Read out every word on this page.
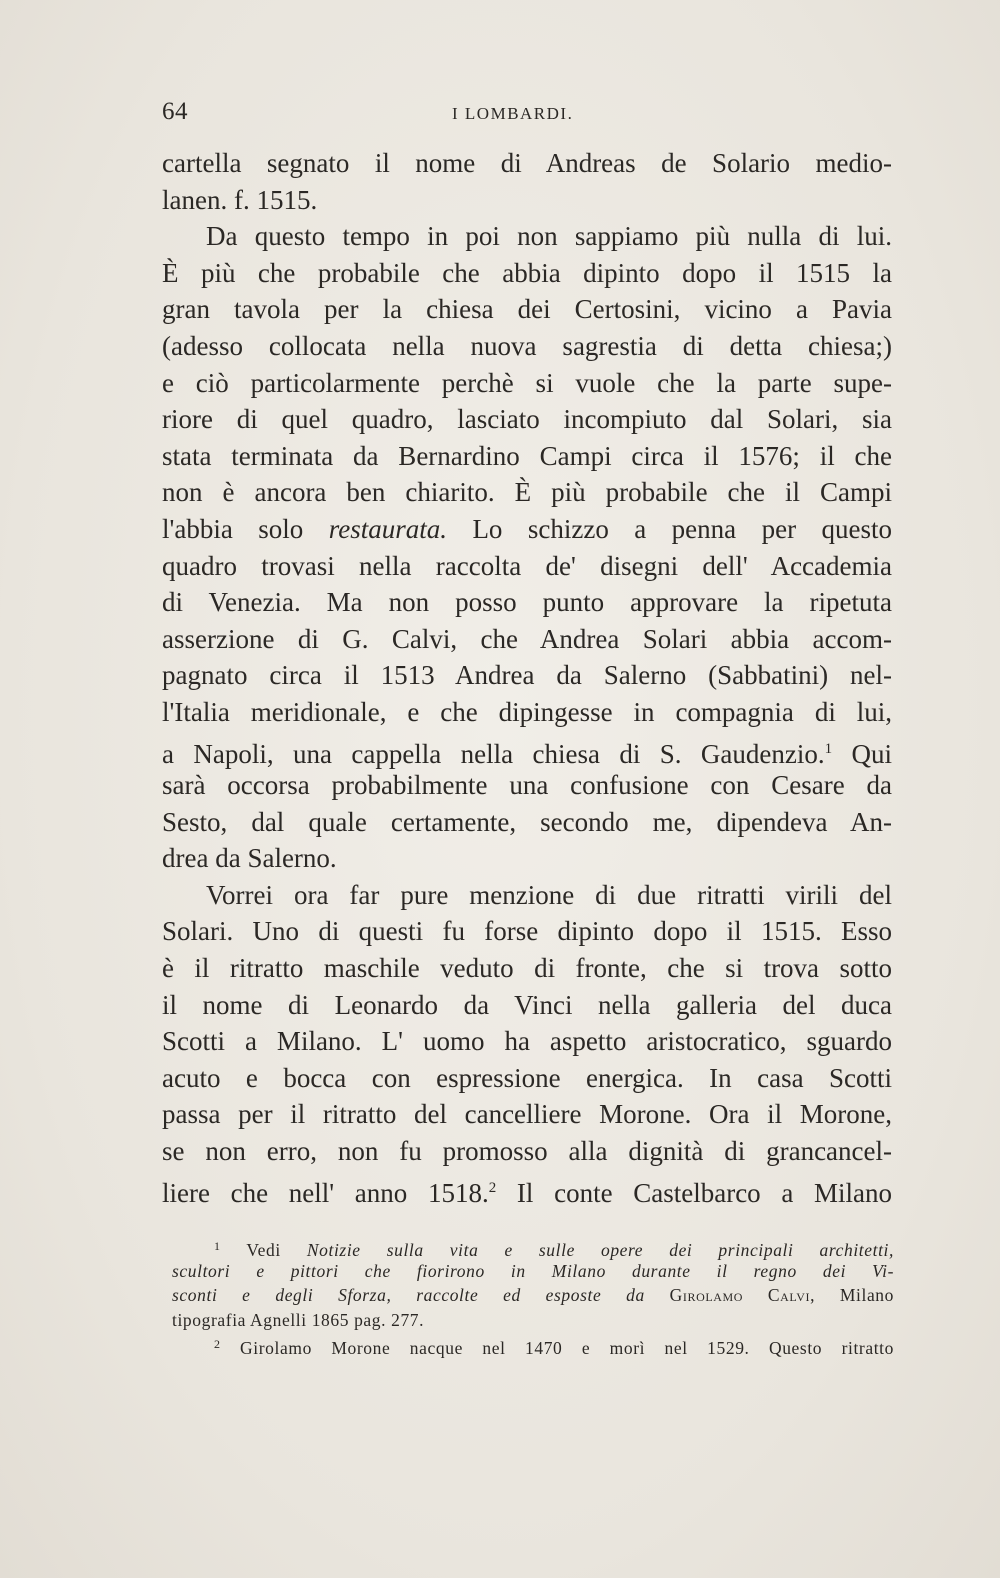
64	I LOMBARDI.
cartella segnato il nome di Andreas de Solario medio-
lanen. f. 1515.
Da questo tempo in poi non sappiamo più nulla di lui.
È più che probabile che abbia dipinto dopo il 1515 la
gran tavola per la chiesa dei Certosini, vicino a Pavia
(adesso collocata nella nuova sagrestia di detta chiesa;)
e ciò particolarmente perchè si vuole che la parte supe-
riore di quel quadro, lasciato incompiuto dal Solari, sia
stata terminata da Bernardino Campi circa il 1576; il che
non è ancora ben chiarito. È più probabile che il Campi
l'abbia solo restaurata. Lo schizzo a penna per questo
quadro trovasi nella raccolta de' disegni dell' Accademia
di Venezia. Ma non posso punto approvare la ripetuta
asserzione di G. Calvi, che Andrea Solari abbia accom-
pagnato circa il 1513 Andrea da Salerno (Sabbatini) nel-
l'Italia meridionale, e che dipingesse in compagnia di lui,
a Napoli, una cappella nella chiesa di S. Gaudenzio.$^1$ Qui
sarà occorsa probabilmente una confusione con Cesare da
Sesto, dal quale certamente, secondo me, dipendeva An-
drea da Salerno.
Vorrei ora far pure menzione di due ritratti virili del
Solari. Uno di questi fu forse dipinto dopo il 1515. Esso
è il ritratto maschile veduto di fronte, che si trova sotto
il nome di Leonardo da Vinci nella galleria del duca
Scotti a Milano. L' uomo ha aspetto aristocratico, sguardo
acuto e bocca con espressione energica. In casa Scotti
passa per il ritratto del cancelliere Morone. Ora il Morone,
se non erro, non fu promosso alla dignità di grancancel-
liere che nell' anno 1518.$^2$ Il conte Castelbarco a Milano
$^1$ Vedi Notizie sulla vita e sulle opere dei principali architetti,
scultori e pittori che fiorirono in Milano durante il regno dei Vi-
sconti e degli Sforza, raccolte ed esposte da Girolamo Calvi, Milano
tipografia Agnelli 1865 pag. 277.
$^2$ Girolamo Morone nacque nel 1470 e morì nel 1529. Questo ritratto
